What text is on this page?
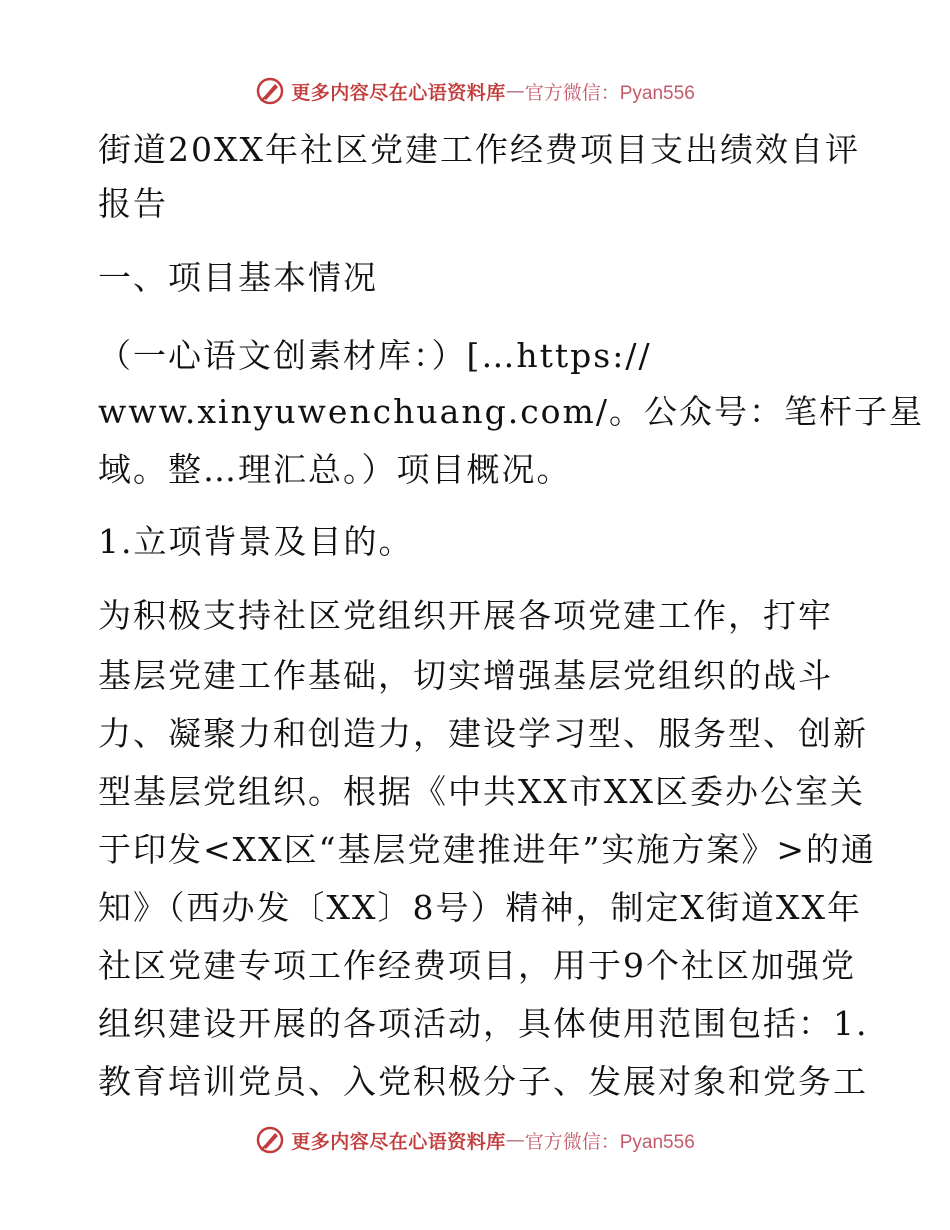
更多内容尽在心语资料库 — 官方微信：Pyan556
街道20XX年社区党建工作经费项目支出绩效自评
报告
一、项目基本情况
（一心语文创素材库：）[…https://
www.xinyuwenchuang.com/。公众号：笔杆子星
域。整…理汇总。）项目概况。
1.立项背景及目的。
为积极支持社区党组织开展各项党建工作，打牢
基层党建工作基础，切实增强基层党组织的战斗
力、凝聚力和创造力，建设学习型、服务型、创新
型基层党组织。根据《中共XX市XX区委办公室关
于印发<XX区“基层党建推进年”实施方案》>的通
知》（西办发〔XX〕8号）精神，制定X街道XX年
社区党建专项工作经费项目，用于9个社区加强党
组织建设开展的各项活动，具体使用范围包括：1.
教育培训党员、入党积极分子、发展对象和党务工
更多内容尽在心语资料库 — 官方微信：Pyan556
